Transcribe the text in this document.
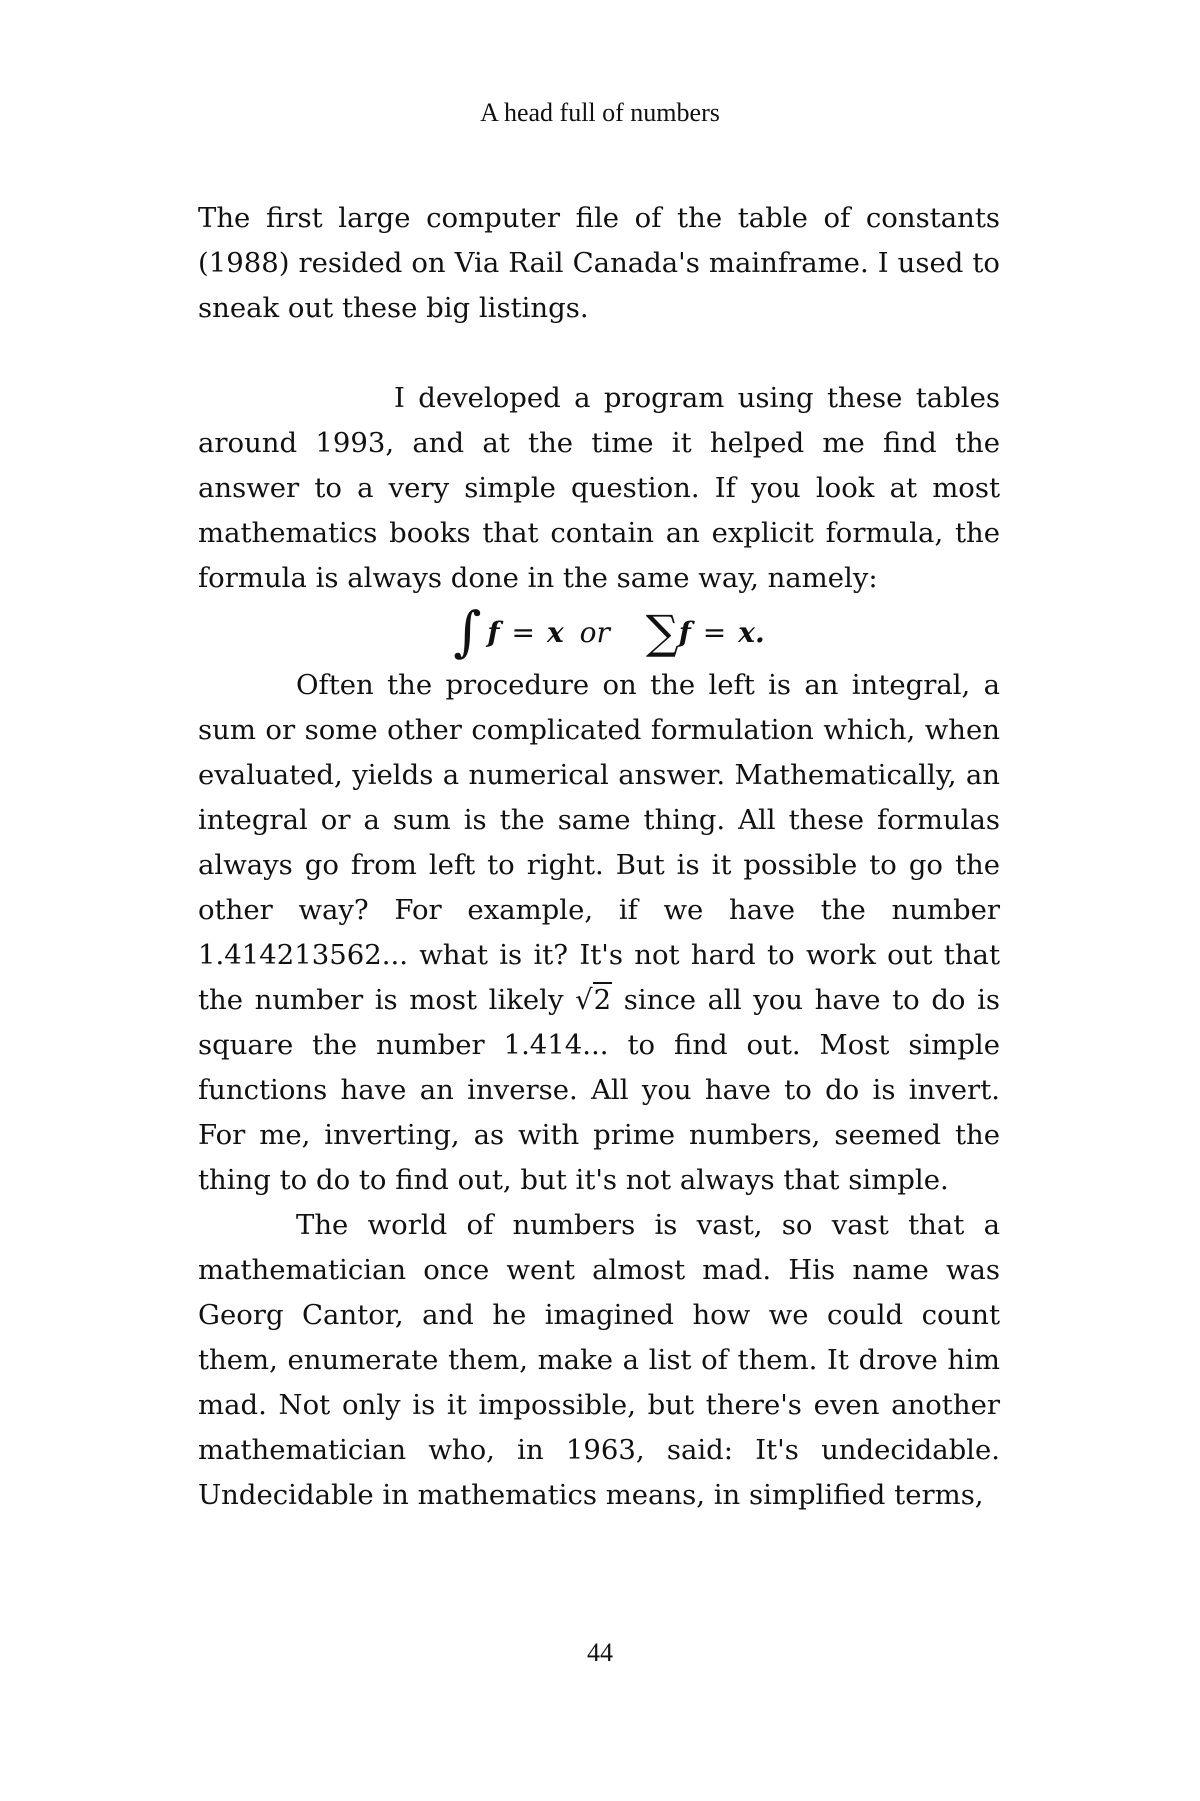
A head full of numbers

The first large computer file of the table of constants (1988) resided on Via Rail Canada's mainframe. I used to sneak out these big listings.

I developed a program using these tables around 1993, and at the time it helped me find the answer to a very simple question. If you look at most mathematics books that contain an explicit formula, the formula is always done in the same way, namely:

∫ f = x or ∑ f = x .

Often the procedure on the left is an integral, a sum or some other complicated formulation which, when evaluated, yields a numerical answer. Mathematically, an integral or a sum is the same thing. All these formulas always go from left to right. But is it possible to go the other way? For example, if we have the number 1.414213562... what is it? It's not hard to work out that the number is most likely √2 since all you have to do is square the number 1.414... to find out. Most simple functions have an inverse. All you have to do is invert. For me, inverting, as with prime numbers, seemed the thing to do to find out, but it's not always that simple.

The world of numbers is vast, so vast that a mathematician once went almost mad. His name was Georg Cantor, and he imagined how we could count them, enumerate them, make a list of them. It drove him mad. Not only is it impossible, but there's even another mathematician who, in 1963, said: It's undecidable. Undecidable in mathematics means, in simplified terms,

44
